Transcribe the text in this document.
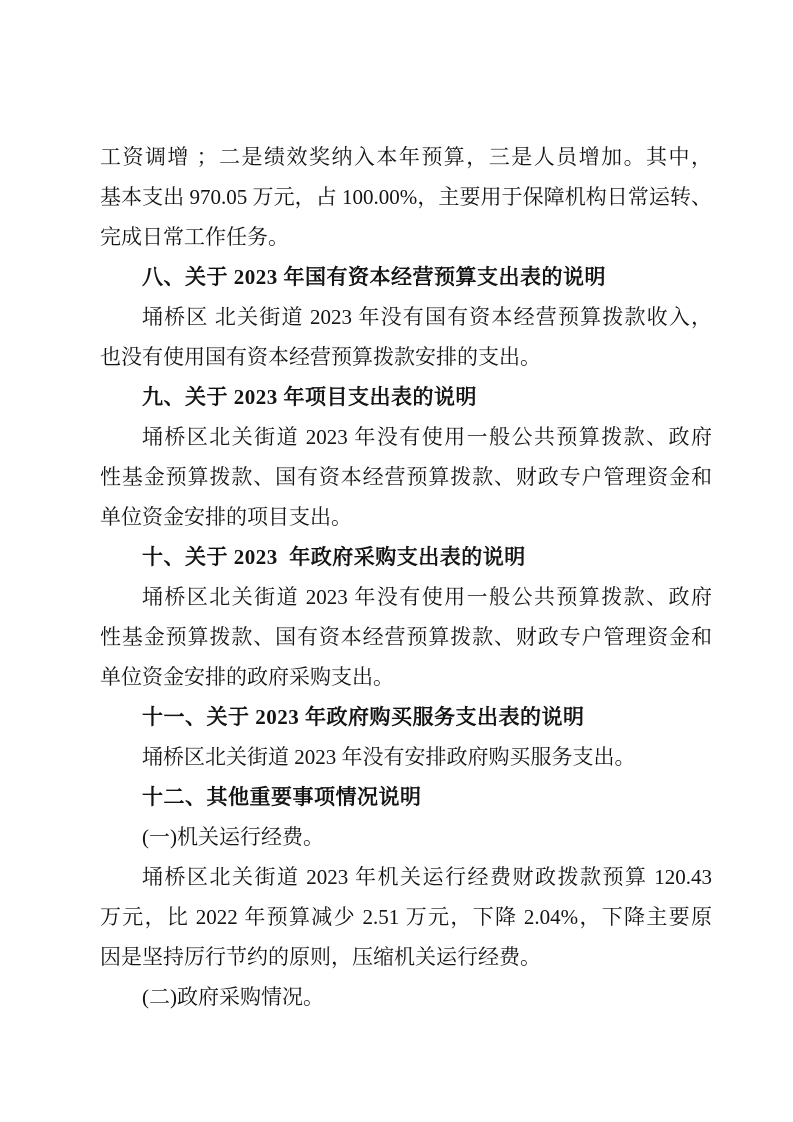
工资调增 ；二是绩效奖纳入本年预算，三是人员增加。其中，
基本支出 970.05 万元，占 100.00%，主要用于保障机构日常运转、
完成日常工作任务。
八、关于 2023 年国有资本经营预算支出表的说明
埇桥区 北关街道 2023 年没有国有资本经营预算拨款收入，
也没有使用国有资本经营预算拨款安排的支出。
九、关于 2023 年项目支出表的说明
埇桥区北关街道 2023 年没有使用一般公共预算拨款、政府
性基金预算拨款、国有资本经营预算拨款、财政专户管理资金和
单位资金安排的项目支出。
十、关于 2023  年政府采购支出表的说明
埇桥区北关街道 2023 年没有使用一般公共预算拨款、政府
性基金预算拨款、国有资本经营预算拨款、财政专户管理资金和
单位资金安排的政府采购支出。
十一、关于 2023 年政府购买服务支出表的说明
埇桥区北关街道 2023 年没有安排政府购买服务支出。
十二、其他重要事项情况说明
(一)机关运行经费。
埇桥区北关街道 2023 年机关运行经费财政拨款预算 120.43
万元，比 2022 年预算减少 2.51 万元，下降 2.04%，下降主要原
因是坚持厉行节约的原则，压缩机关运行经费。
(二)政府采购情况。
